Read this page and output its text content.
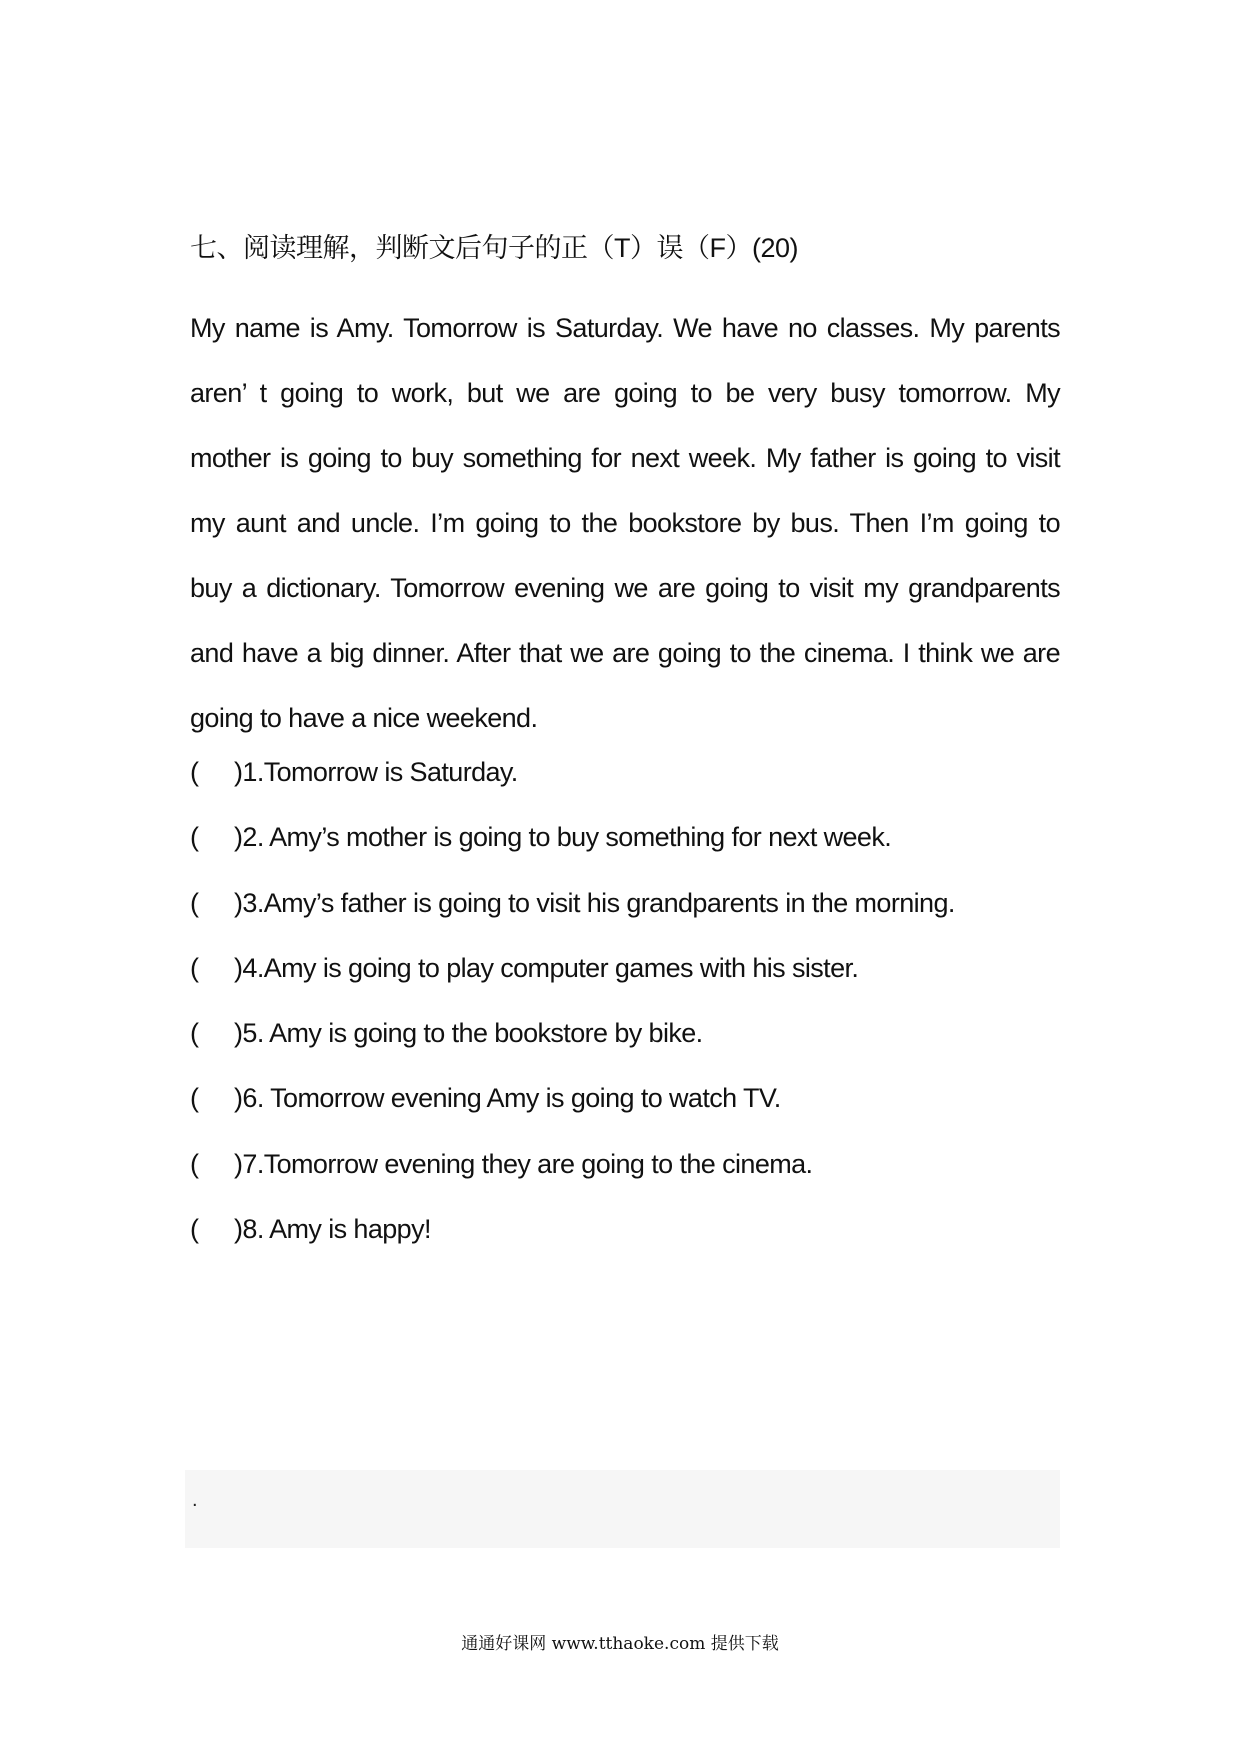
七、阅读理解，判断文后句子的正（T）误（F）(20)
My name is Amy. Tomorrow is Saturday. We have no classes. My parents
aren’ t going to work, but we are going to be very busy tomorrow. My
mother is going to buy something for next week. My father is going to visit
my aunt and uncle. I’m going to the bookstore by bus. Then I’m going to
buy a dictionary. Tomorrow evening we are going to visit my grandparents
and have a big dinner. After that we are going to the cinema. I think we are
going to have a nice weekend.
(	) 1.Tomorrow is Saturday.
(	) 2. Amy’s mother is going to buy something for next week.
(	) 3.Amy’s father is going to visit his grandparents in the morning.
(	) 4.Amy is going to play computer games with his sister.
(	) 5. Amy is going to the bookstore by bike.
(	) 6. Tomorrow evening Amy is going to watch TV.
(	) 7.Tomorrow evening they are going to the cinema.
(	) 8. Amy is happy!
.
通通好课网 www.tthaoke.com 提供下载
